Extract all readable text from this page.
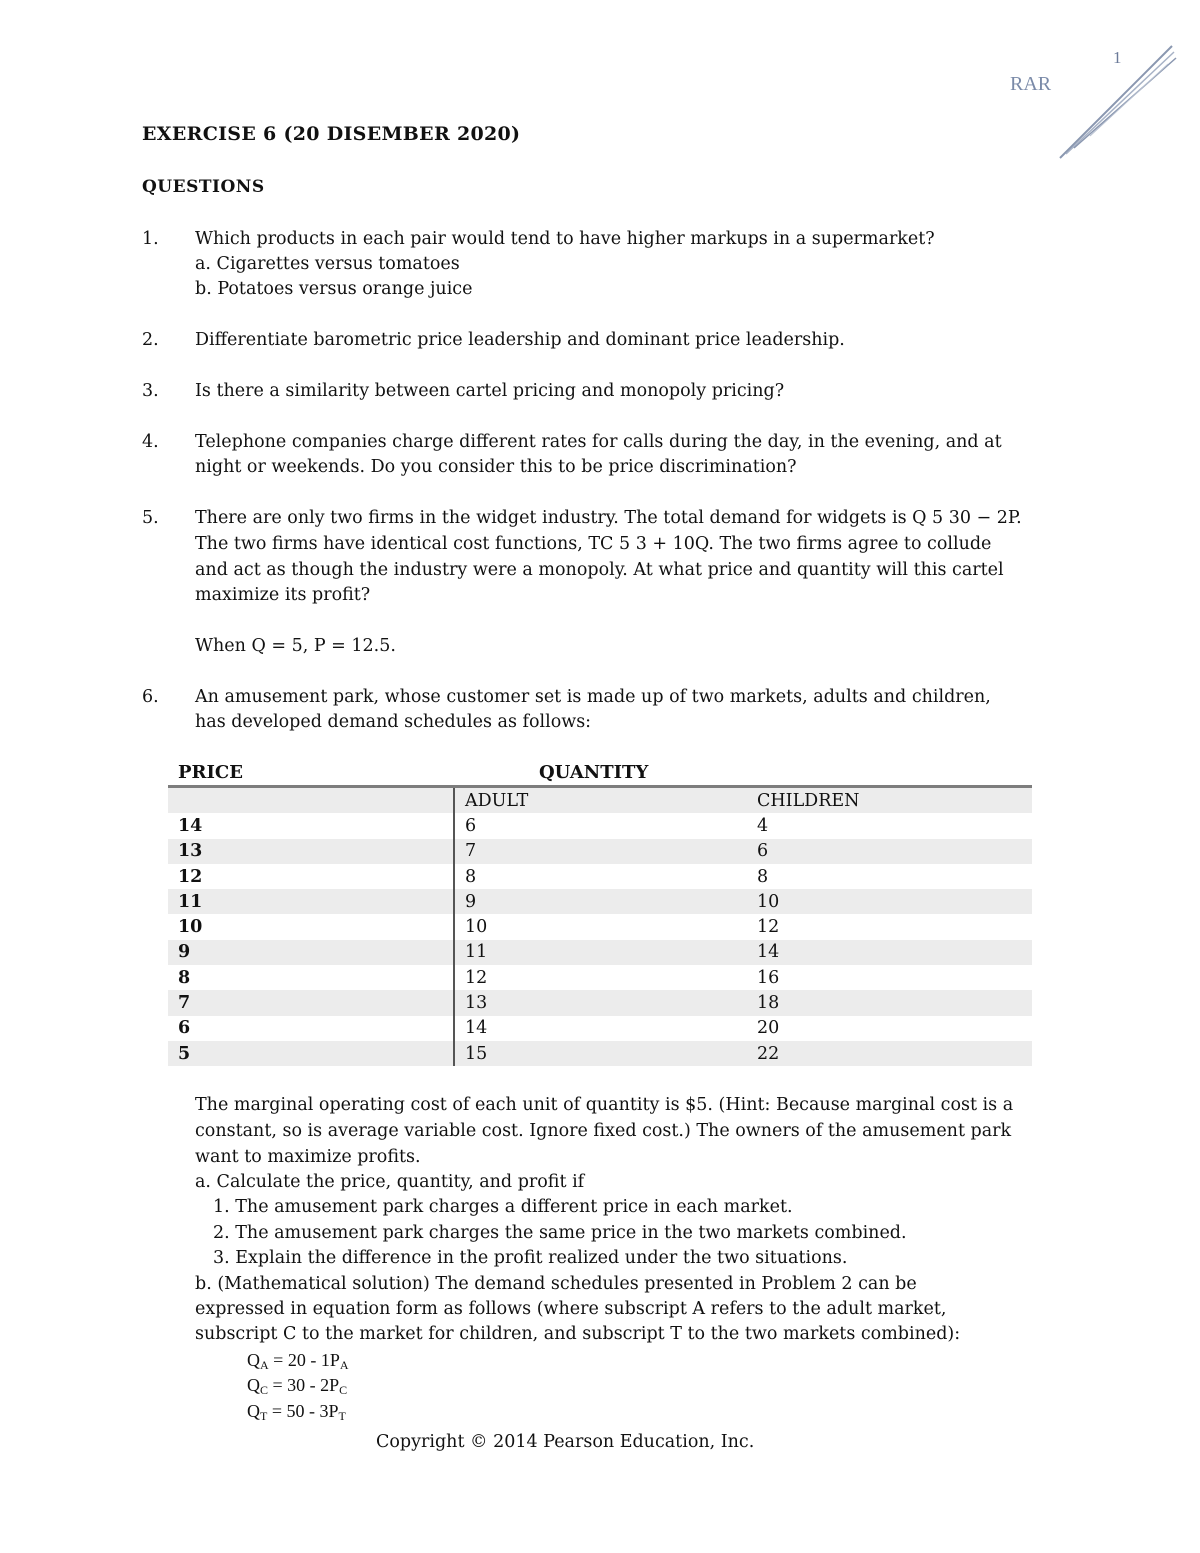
1
RAR
EXERCISE 6 (20 DISEMBER 2020)
QUESTIONS
1. Which products in each pair would tend to have higher markups in a supermarket?
a. Cigarettes versus tomatoes
b. Potatoes versus orange juice
2. Differentiate barometric price leadership and dominant price leadership.
3. Is there a similarity between cartel pricing and monopoly pricing?
4. Telephone companies charge different rates for calls during the day, in the evening, and at
night or weekends. Do you consider this to be price discrimination?
5. There are only two firms in the widget industry. The total demand for widgets is Q 5 30 − 2P.
The two firms have identical cost functions, TC 5 3 + 10Q. The two firms agree to collude
and act as though the industry were a monopoly. At what price and quantity will this cartel
maximize its profit?
When Q = 5, P = 12.5.
6. An amusement park, whose customer set is made up of two markets, adults and children,
has developed demand schedules as follows:
PRICE	QUANTITY	
	ADULT	CHILDREN
14	6	4
13	7	6
12	8	8
11	9	10
10	10	12
9	11	14
8	12	16
7	13	18
6	14	20
5	15	22
The marginal operating cost of each unit of quantity is $5. (Hint: Because marginal cost is a
constant, so is average variable cost. Ignore fixed cost.) The owners of the amusement park
want to maximize profits.
a. Calculate the price, quantity, and profit if
1. The amusement park charges a different price in each market.
2. The amusement park charges the same price in the two markets combined.
3. Explain the difference in the profit realized under the two situations.
b. (Mathematical solution) The demand schedules presented in Problem 2 can be
expressed in equation form as follows (where subscript A refers to the adult market,
subscript C to the market for children, and subscript T to the two markets combined):
$Q_A = 20 - 1P_A$
$Q_C = 30 - 2P_C$
$Q_T = 50 - 3P_T$
Copyright © 2014 Pearson Education, Inc.
